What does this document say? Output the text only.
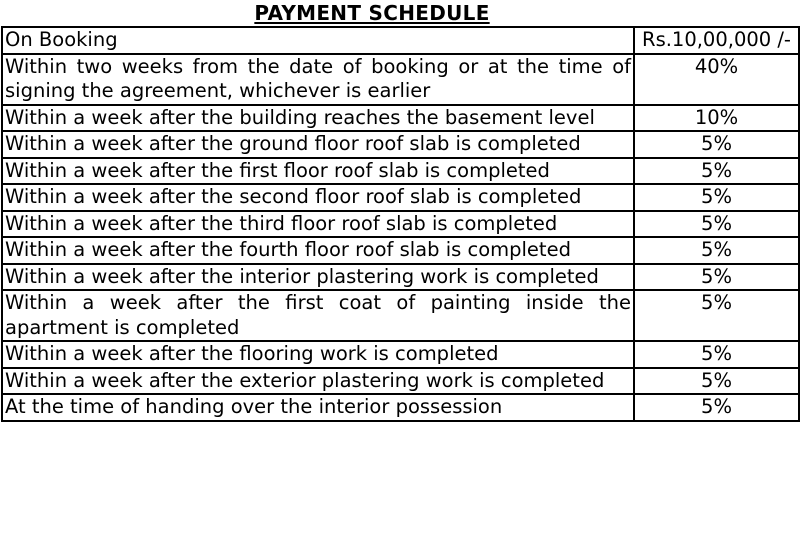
PAYMENT SCHEDULE
On Booking	Rs.10,00,000 /-
Within two weeks from the date of booking or at the time of signing the agreement, whichever is earlier	40%
Within a week after the building reaches the basement level	10%
Within a week after the ground floor roof slab is completed	5%
Within a week after the first floor roof slab is completed	5%
Within a week after the second floor roof slab is completed	5%
Within a week after the third floor roof slab is completed	5%
Within a week after the fourth floor roof slab is completed	5%
Within a week after the interior plastering work is completed	5%
Within a week after the first coat of painting inside the apartment is completed	5%
Within a week after the flooring work is completed	5%
Within a week after the exterior plastering work is completed	5%
At the time of handing over the interior possession	5%
